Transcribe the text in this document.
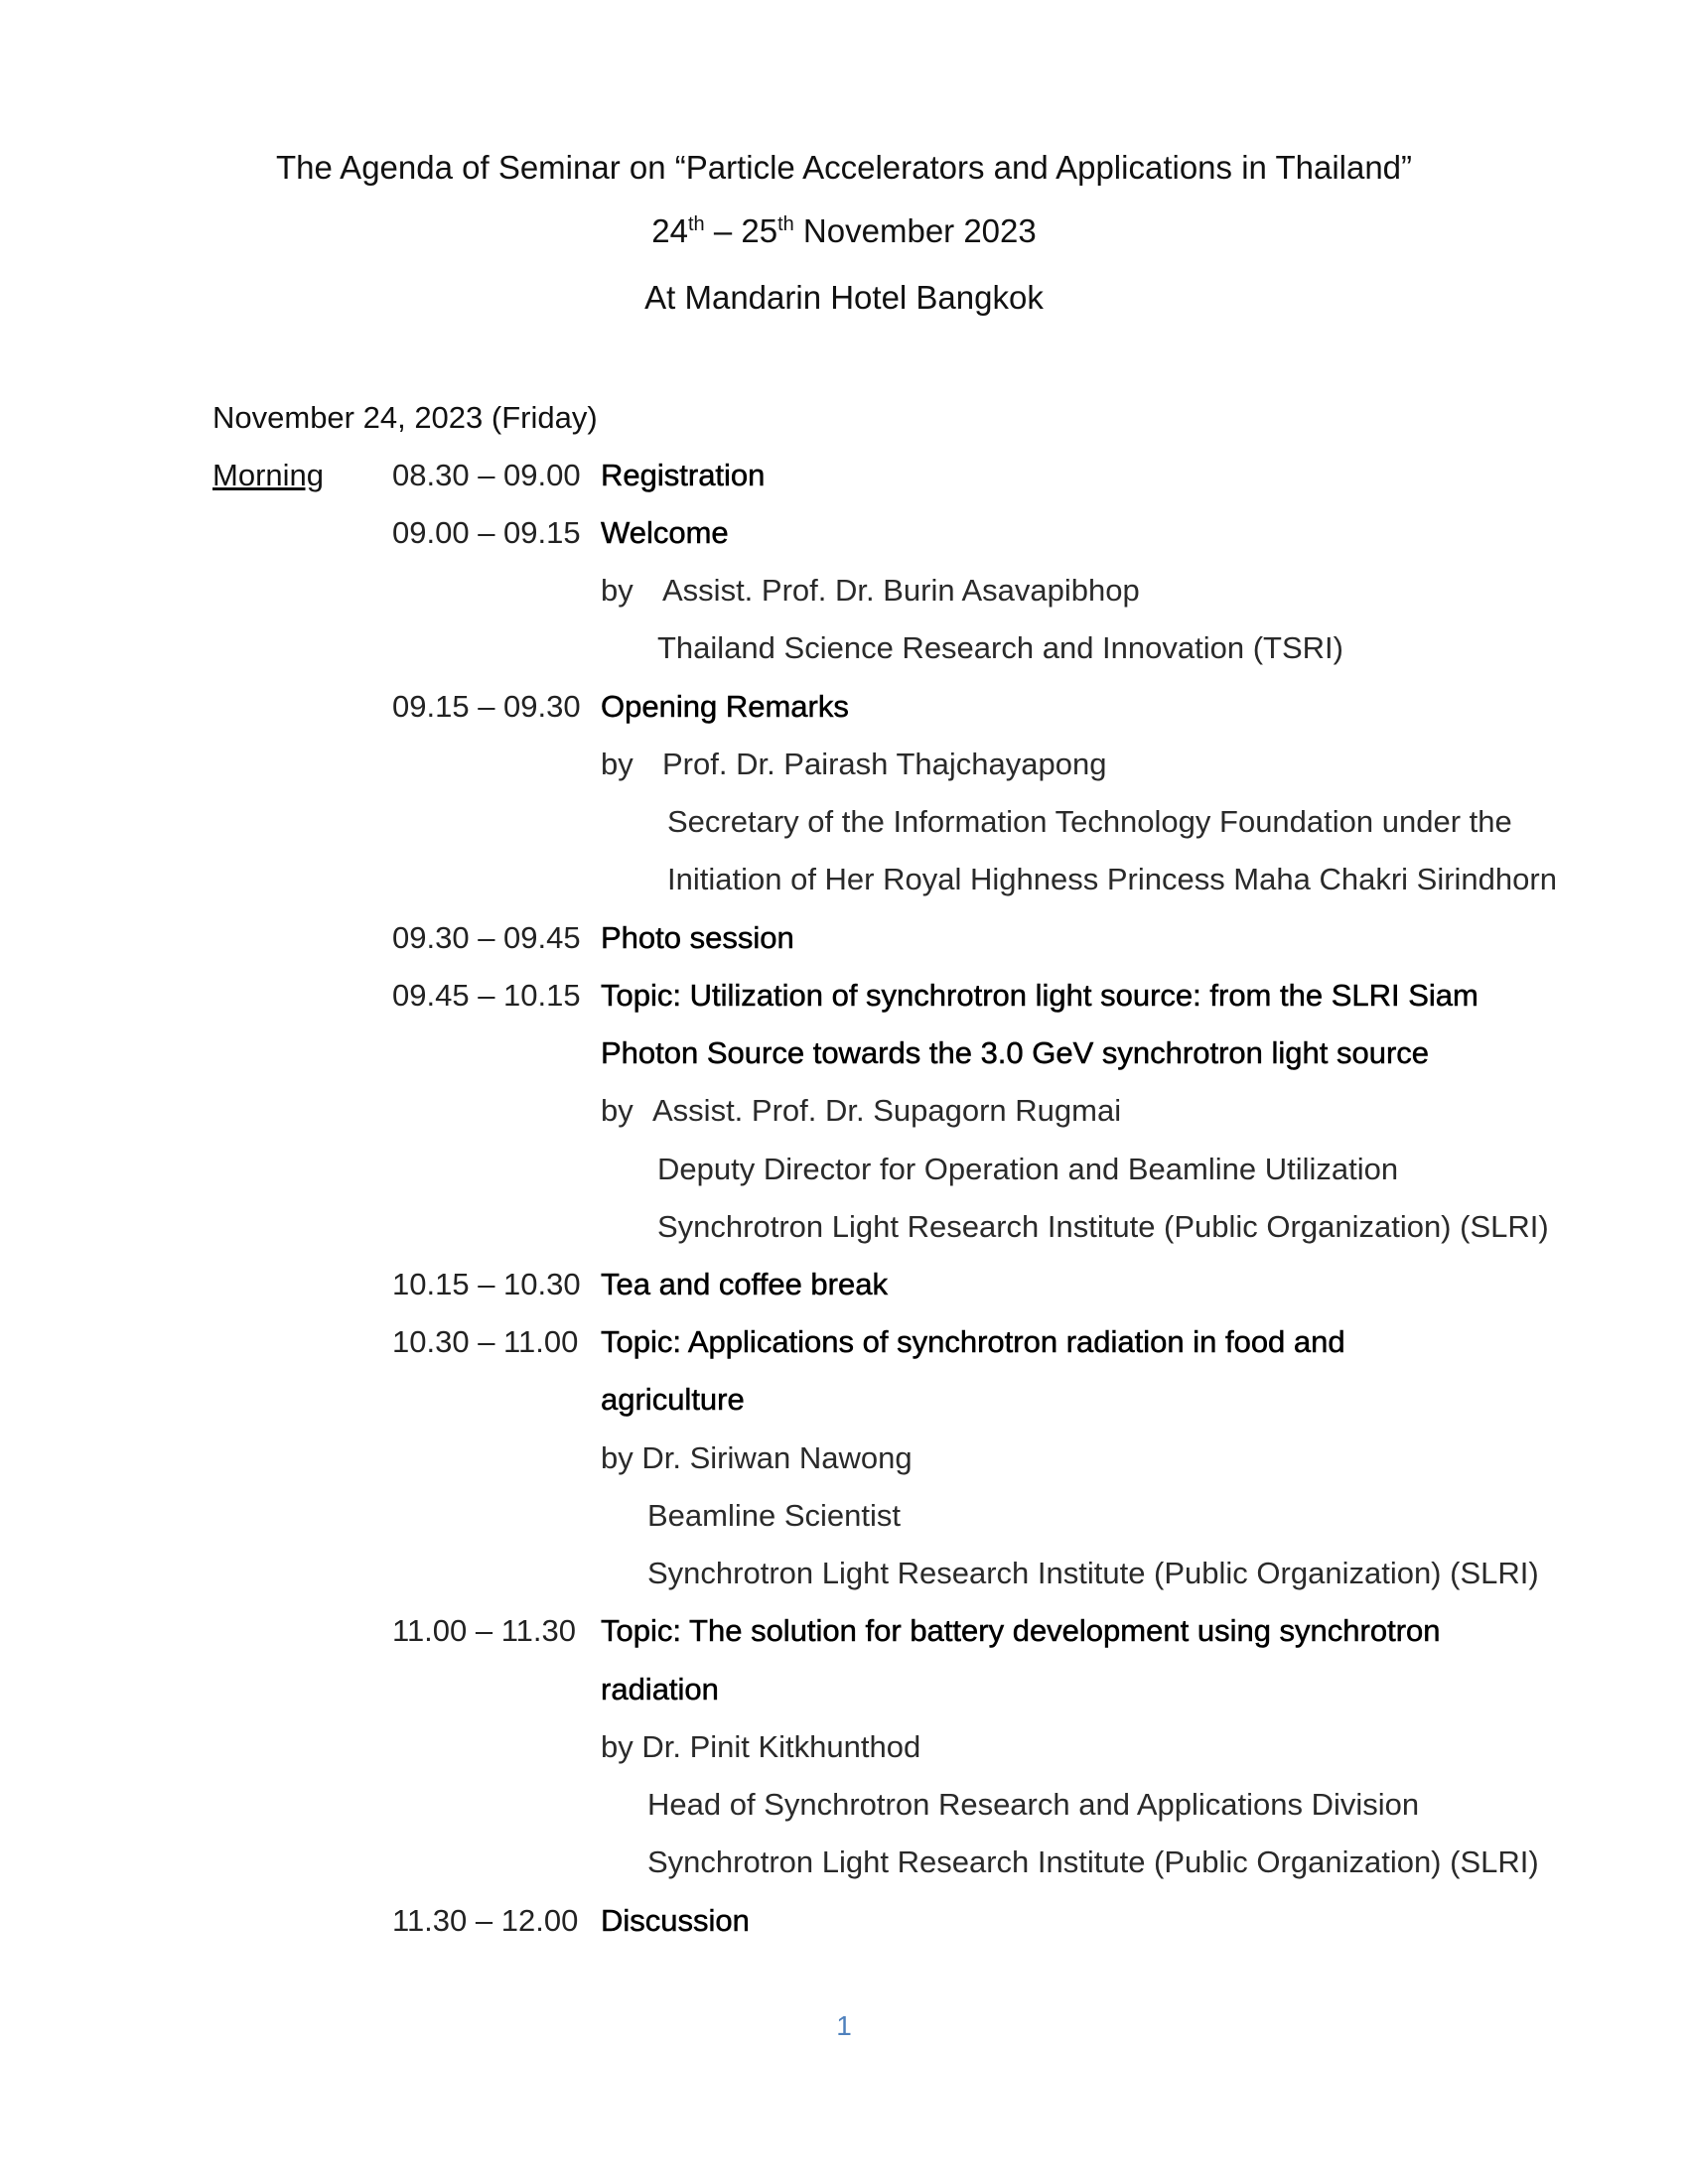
The Agenda of Seminar on “Particle Accelerators and Applications in Thailand”
24th – 25th November 2023
At Mandarin Hotel Bangkok
November 24, 2023 (Friday)
Morning 08.30 – 09.00 Registration
09.00 – 09.15 Welcome
by Assist. Prof. Dr. Burin Asavapibhop
Thailand Science Research and Innovation (TSRI)
09.15 – 09.30 Opening Remarks
by Prof. Dr. Pairash Thajchayapong
Secretary of the Information Technology Foundation under the
Initiation of Her Royal Highness Princess Maha Chakri Sirindhorn
09.30 – 09.45 Photo session
09.45 – 10.15 Topic: Utilization of synchrotron light source: from the SLRI Siam
Photon Source towards the 3.0 GeV synchrotron light source
by Assist. Prof. Dr. Supagorn Rugmai
Deputy Director for Operation and Beamline Utilization
Synchrotron Light Research Institute (Public Organization) (SLRI)
10.15 – 10.30 Tea and coffee break
10.30 – 11.00 Topic: Applications of synchrotron radiation in food and
agriculture
by Dr. Siriwan Nawong
Beamline Scientist
Synchrotron Light Research Institute (Public Organization) (SLRI)
11.00 – 11.30 Topic: The solution for battery development using synchrotron
radiation
by Dr. Pinit Kitkhunthod
Head of Synchrotron Research and Applications Division
Synchrotron Light Research Institute (Public Organization) (SLRI)
11.30 – 12.00 Discussion
1
